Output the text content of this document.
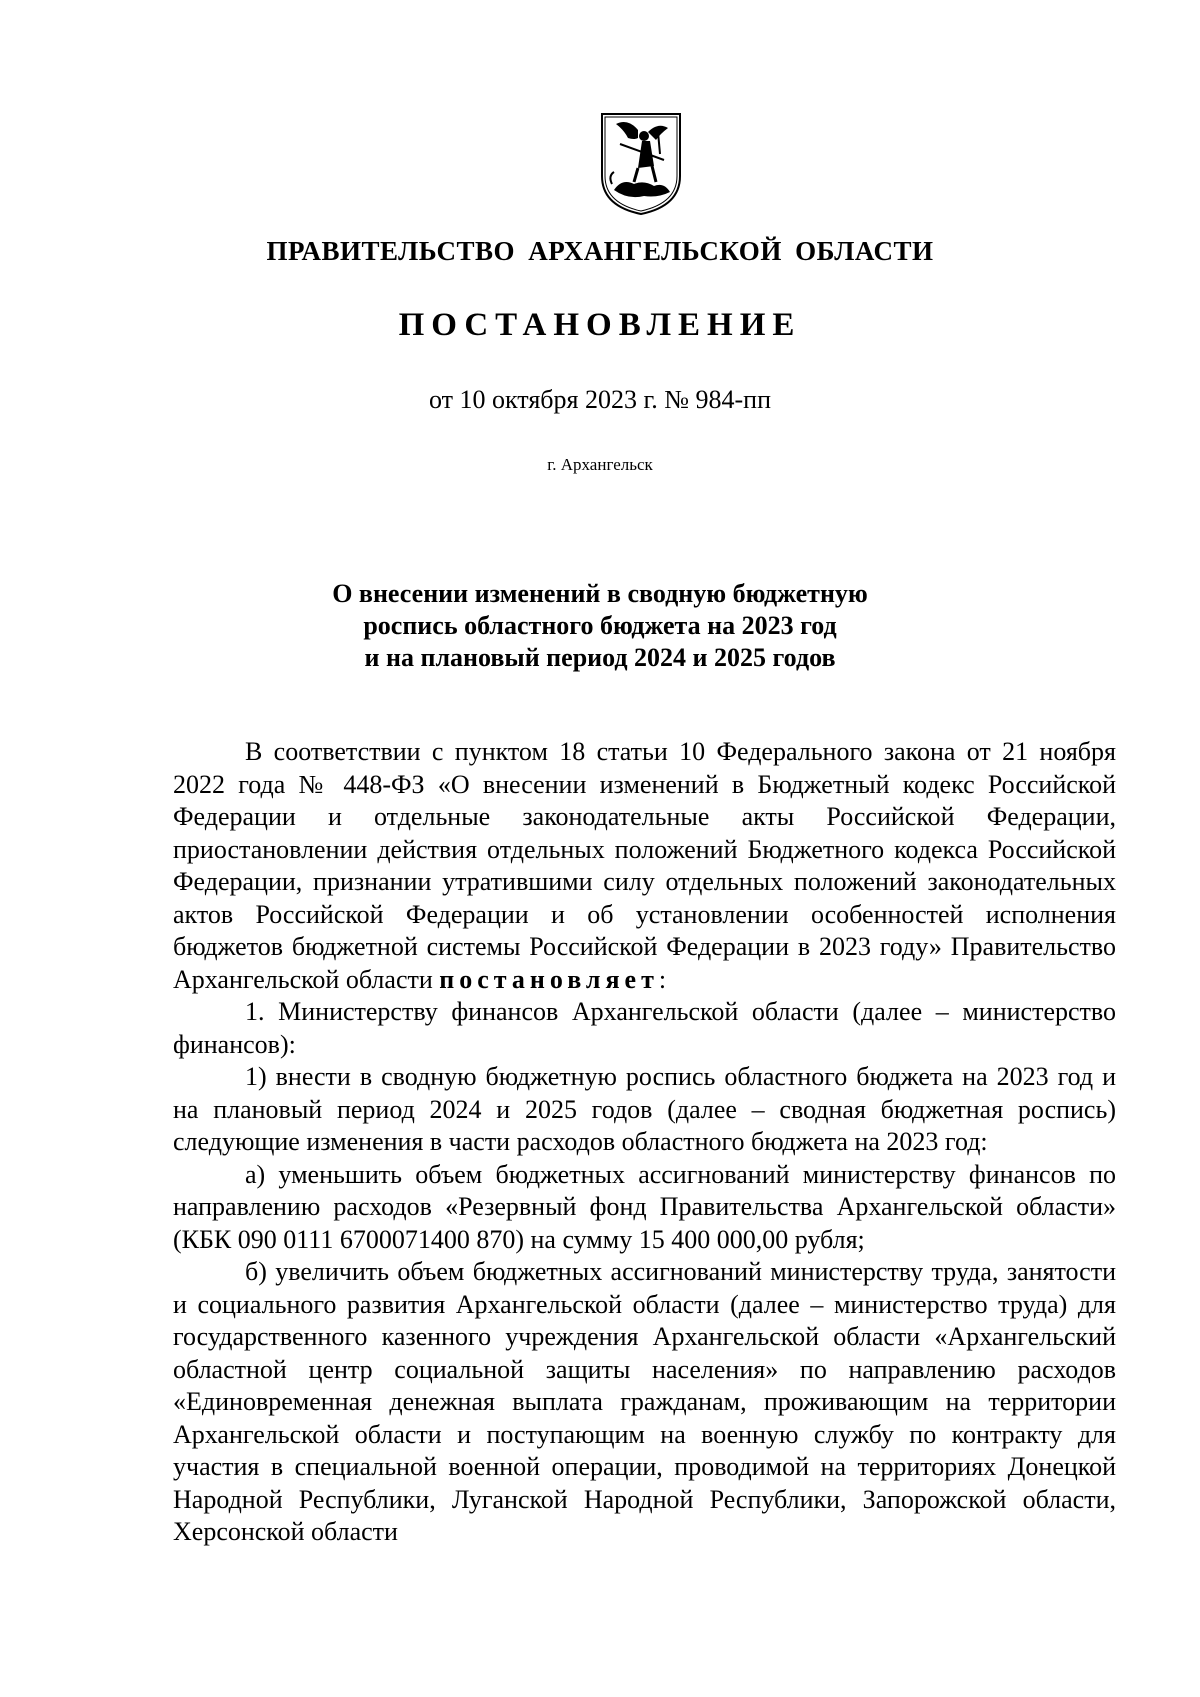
ПРАВИТЕЛЬСТВО АРХАНГЕЛЬСКОЙ ОБЛАСТИ
ПОСТАНОВЛЕНИЕ
от 10 октября 2023 г. № 984-пп
г. Архангельск
О внесении изменений в сводную бюджетную
роспись областного бюджета на 2023 год
и на плановый период 2024 и 2025 годов

В соответствии с пунктом 18 статьи 10 Федерального закона от 21 ноября 2022 года № 448-ФЗ «О внесении изменений в Бюджетный кодекс Российской Федерации и отдельные законодательные акты Российской Федерации, приостановлении действия отдельных положений Бюджетного кодекса Российской Федерации, признании утратившими силу отдельных положений законодательных актов Российской Федерации и об установлении особенностей исполнения бюджетов бюджетной системы Российской Федерации в 2023 году» Правительство Архангельской области постановляет:

1. Министерству финансов Архангельской области (далее – министерство финансов):

1) внести в сводную бюджетную роспись областного бюджета на 2023 год и на плановый период 2024 и 2025 годов (далее – сводная бюджетная роспись) следующие изменения в части расходов областного бюджета на 2023 год:

а) уменьшить объем бюджетных ассигнований министерству финансов по направлению расходов «Резервный фонд Правительства Архангельской области» (КБК 090 0111 6700071400 870) на сумму 15 400 000,00 рубля;

б) увеличить объем бюджетных ассигнований министерству труда, занятости и социального развития Архангельской области (далее – министерство труда) для государственного казенного учреждения Архангельской области «Архангельский областной центр социальной защиты населения» по направлению расходов «Единовременная денежная выплата гражданам, проживающим на территории Архангельской области и поступающим на военную службу по контракту для участия в специальной военной операции, проводимой на территориях Донецкой Народной Республики, Луганской Народной Республики, Запорожской области, Херсонской области
